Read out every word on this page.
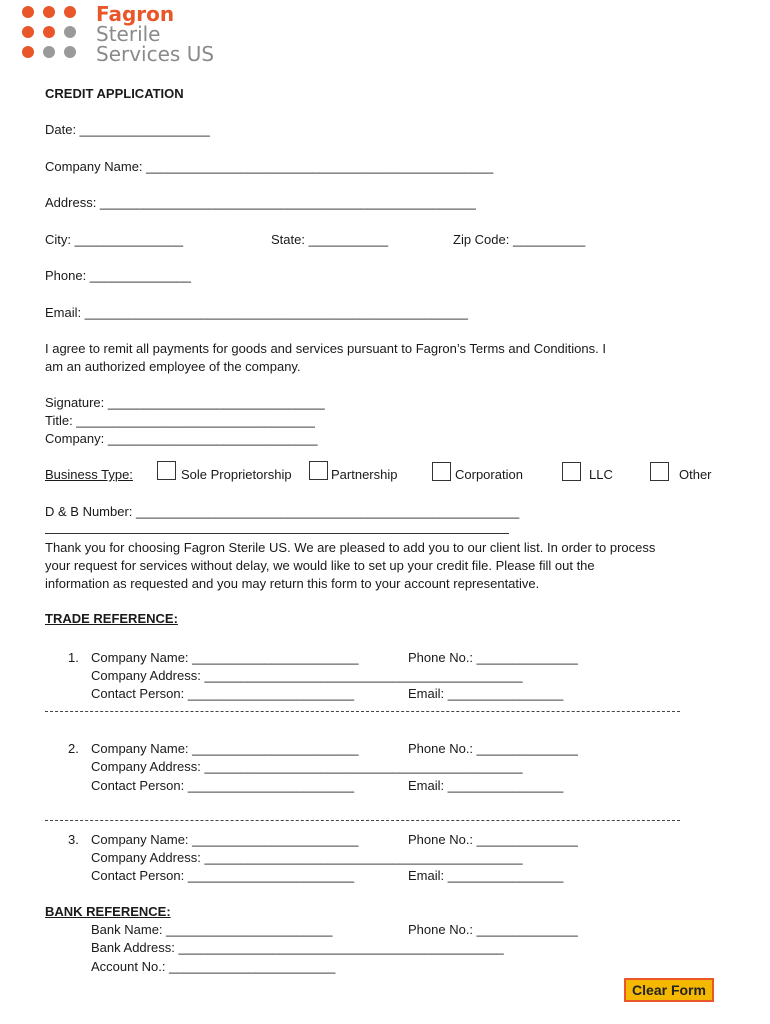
Fagron
Sterile
Services US
CREDIT APPLICATION
Date: __________________
Company Name: ________________________________________________
Address: ____________________________________________________
City: _______________	State: ___________	Zip Code: __________
Phone: ______________
Email: _____________________________________________________
I agree to remit all payments for goods and services pursuant to Fagron’s Terms and Conditions. I
am an authorized employee of the company.
Signature: ______________________________
Title: _________________________________
Company: _____________________________
Business Type:	Sole Proprietorship	Partnership	Corporation	LLC	Other
D & B Number: _____________________________________________________
Thank you for choosing Fagron Sterile US. We are pleased to add you to our client list. In order to process
your request for services without delay, we would like to set up your credit file. Please fill out the
information as requested and you may return this form to your account representative.
TRADE REFERENCE:
1. Company Name: _______________________	Phone No.: ______________
Company Address: ____________________________________________
Contact Person: _______________________	Email: ________________
2. Company Name: _______________________	Phone No.: ______________
Company Address: ____________________________________________
Contact Person: _______________________	Email: ________________
3. Company Name: _______________________	Phone No.: ______________
Company Address: ____________________________________________
Contact Person: _______________________	Email: ________________
BANK REFERENCE:
Bank Name: _______________________	Phone No.: ______________
Bank Address: _____________________________________________
Account No.: _______________________
Clear Form
